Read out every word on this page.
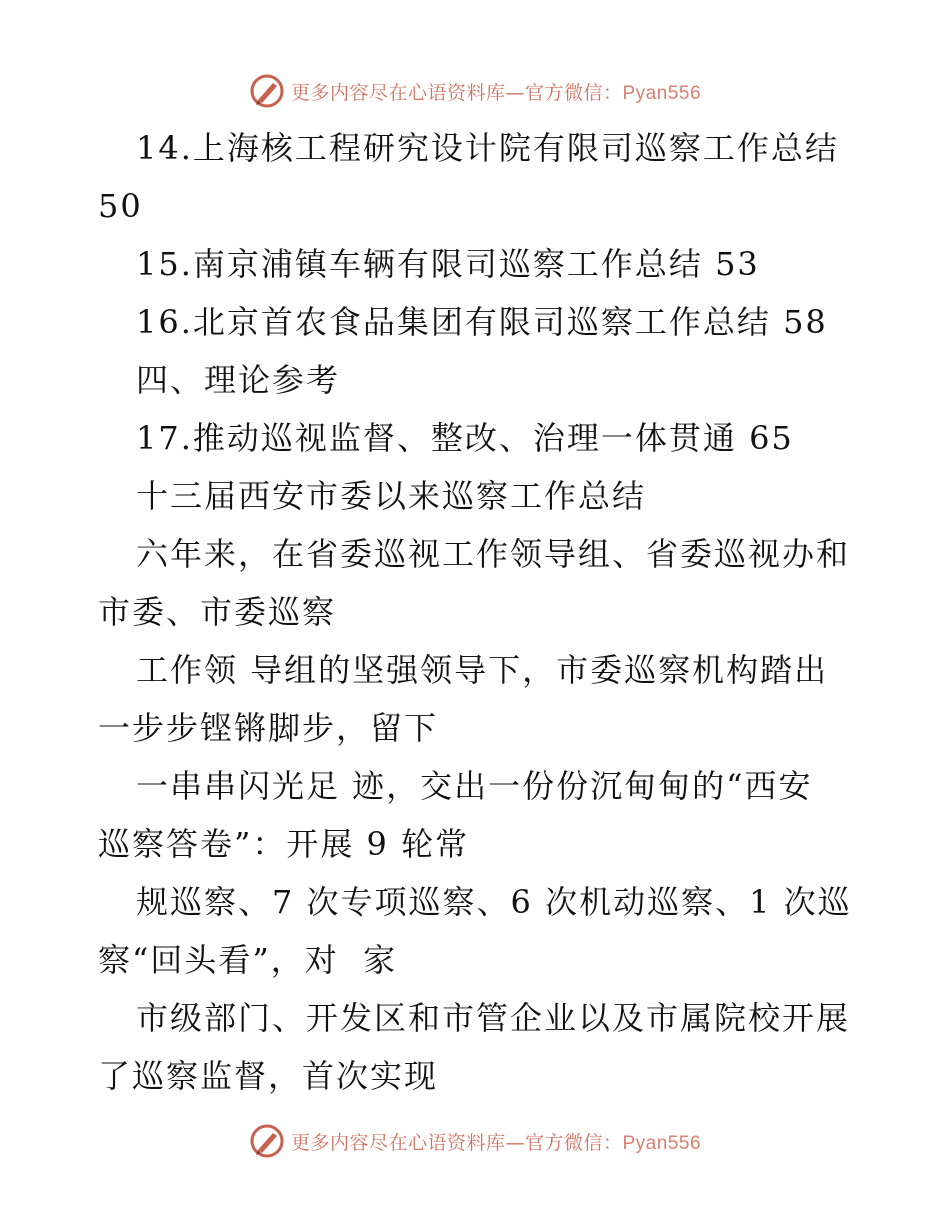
更多内容尽在心语资料库—官方微信：Pyan556
14.上海核工程研究设计院有限司巡察工作总结
50
15.南京浦镇车辆有限司巡察工作总结 53
16.北京首农食品集团有限司巡察工作总结 58
四、理论参考
17.推动巡视监督、整改、治理一体贯通 65
十三届西安市委以来巡察工作总结
六年来，在省委巡视工作领导组、省委巡视办和
市委、市委巡察
工作领 导组的坚强领导下，市委巡察机构踏出
一步步铿锵脚步，留下
一串串闪光足 迹，交出一份份沉甸甸的“西安
巡察答卷”：开展 9 轮常
规巡察、7 次专项巡察、6 次机动巡察、1 次巡
察“回头看”，对  家
市级部门、开发区和市管企业以及市属院校开展
了巡察监督，首次实现
更多内容尽在心语资料库—官方微信：Pyan556
